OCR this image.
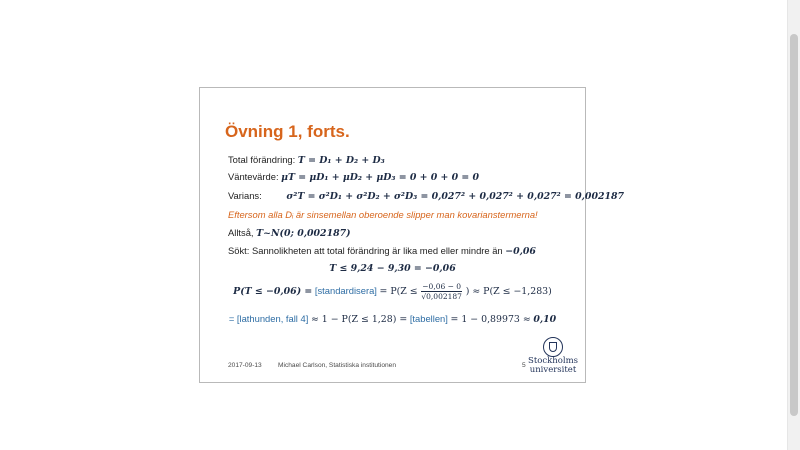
Övning 1, forts.
Total förändring: T = D₁ + D₂ + D₃
Väntevärde: μT = μD₁ + μD₂ + μD₃ = 0 + 0 + 0 = 0
Varians:	σ²T = σ²D₁ + σ²D₂ + σ²D₃ = 0,027² + 0,027² + 0,027² = 0,002187
Eftersom alla Dᵢ är sinsemellan oberoende slipper man kovarianstermerna!
Alltså, T~N(0; 0,002187)
Sökt: Sannolikheten att total förändring är lika med eller mindre än −0,06
T ≤ 9,24 − 9,30 = −0,06
P(T ≤ −0,06) = [standardisera] = $P(Z \le \frac{-0,06 - 0}{√0,002187}$ ) ≈ P(Z ≤ −1,283)
= [lathunden, fall 4] ≈ 1 − P(Z ≤ 1,28) = [tabellen] = 1 − 0,89973 ≈ 0,10
Stockholms
universitet
2017-09-13 Michael Carlson, Statistiska institutionen	5
